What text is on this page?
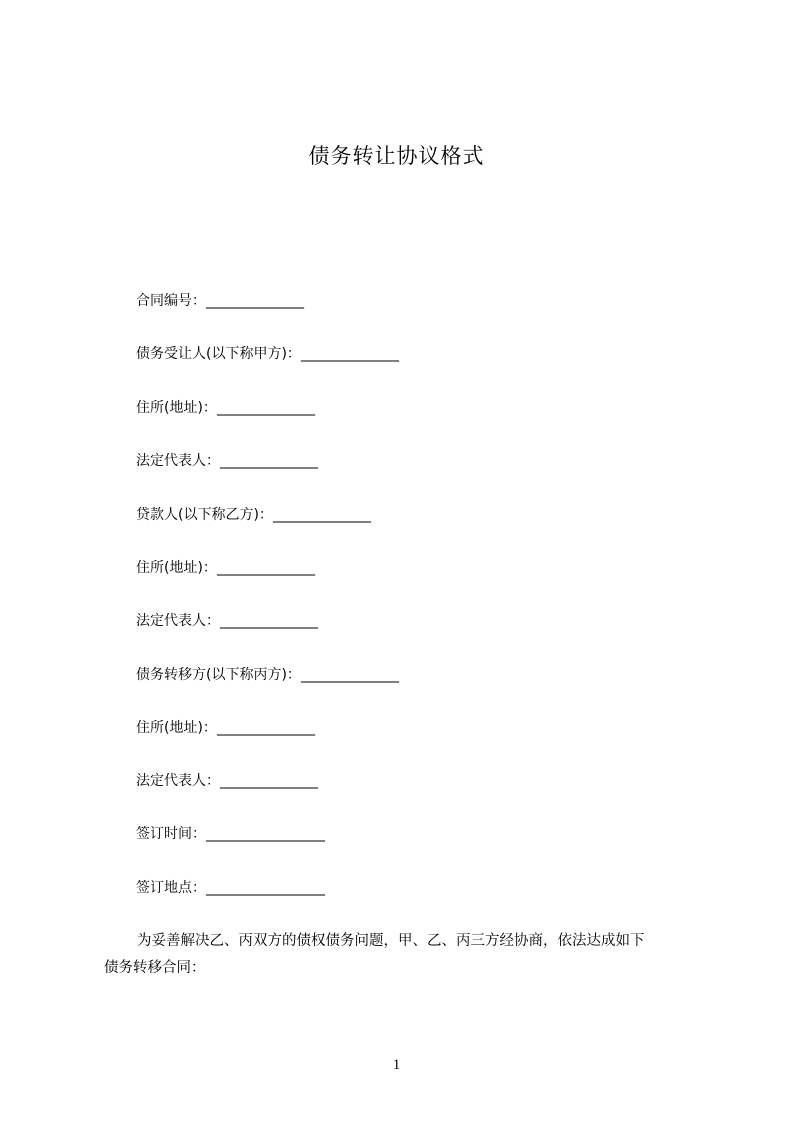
债务转让协议格式
合同编号：______________
债务受让人(以下称甲方)：______________
住所(地址)：______________
法定代表人：______________
贷款人(以下称乙方)：______________
住所(地址)：______________
法定代表人：______________
债务转移方(以下称丙方)：______________
住所(地址)：______________
法定代表人：______________
签订时间：_________________
签订地点：_________________
为妥善解决乙、丙双方的债权债务问题，甲、乙、丙三方经协商，依法达成如下
债务转移合同：
1
